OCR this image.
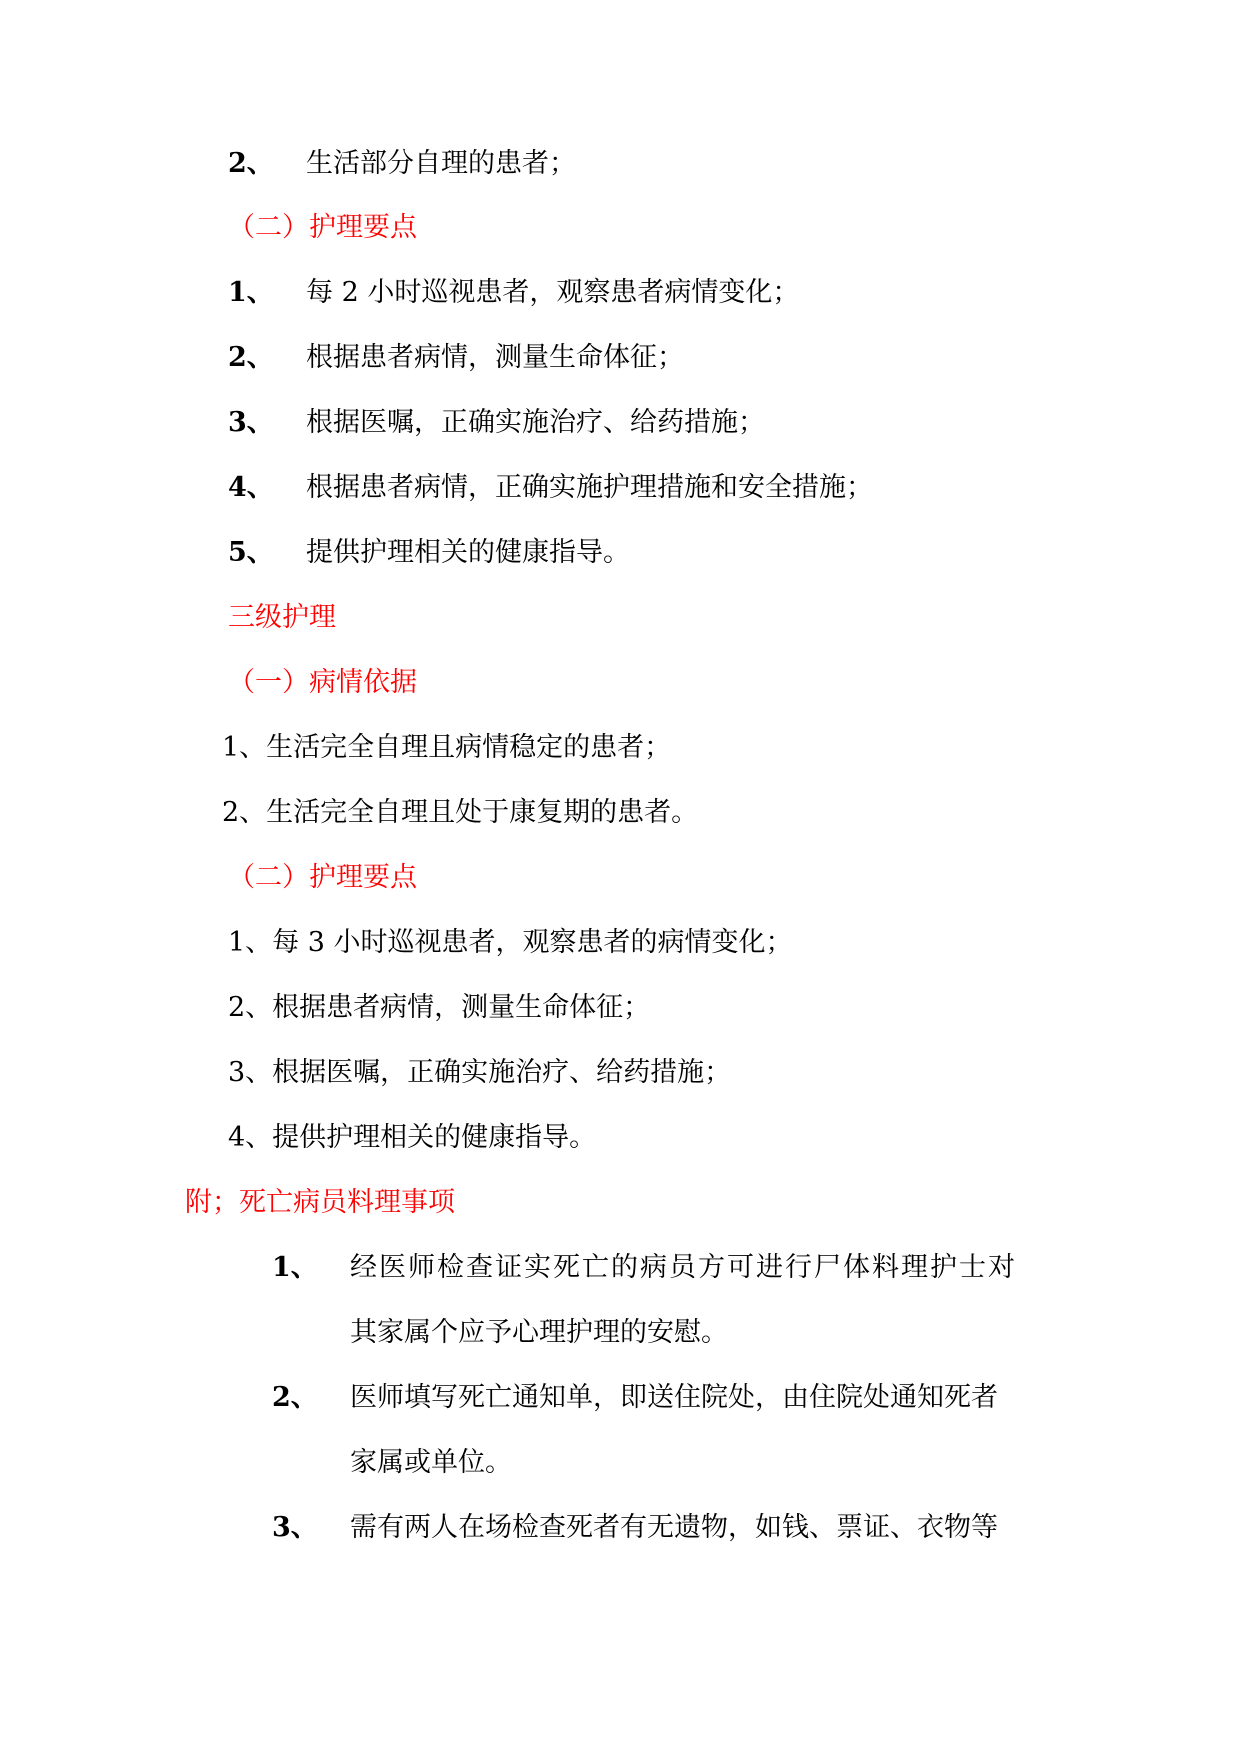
2、 生活部分自理的患者；
（二）护理要点
1、 每 2 小时巡视患者，观察患者病情变化；
2、 根据患者病情，测量生命体征；
3、 根据医嘱，正确实施治疗、给药措施；
4、 根据患者病情，正确实施护理措施和安全措施；
5、 提供护理相关的健康指导。
三级护理
（一）病情依据
1、生活完全自理且病情稳定的患者；
2、生活完全自理且处于康复期的患者。
（二）护理要点
1、每 3 小时巡视患者，观察患者的病情变化；
2、根据患者病情，测量生命体征；
3、根据医嘱，正确实施治疗、给药措施；
4、提供护理相关的健康指导。
附；死亡病员料理事项
1、 经医师检查证实死亡的病员方可进行尸体料理护士对
其家属个应予心理护理的安慰。
2、 医师填写死亡通知单，即送住院处，由住院处通知死者
家属或单位。
3、 需有两人在场检查死者有无遗物，如钱、票证、衣物等
